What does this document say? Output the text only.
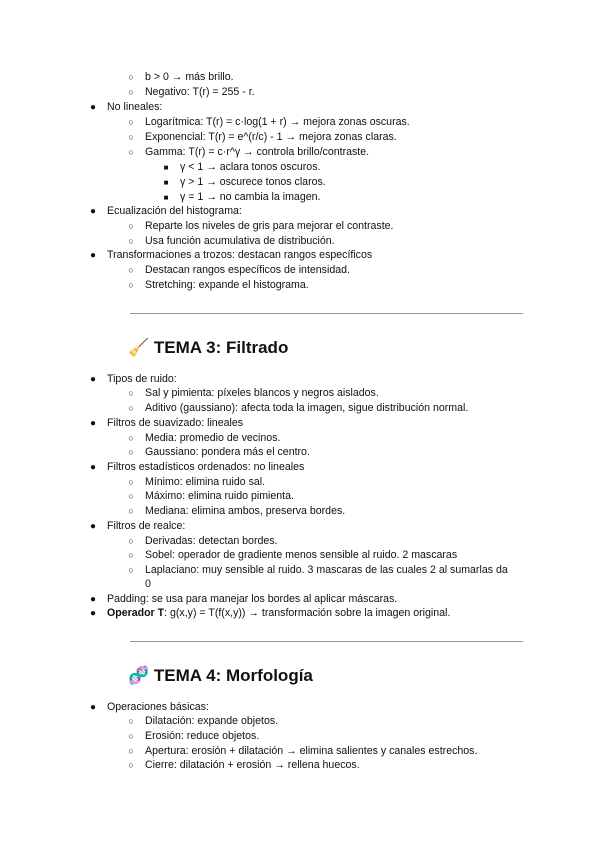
○ b > 0 → más brillo.
○ Negativo: T(r) = 255 - r.
● No lineales:
○ Logarítmica: T(r) = c·log(1 + r) → mejora zonas oscuras.
○ Exponencial: T(r) = e^(r/c) - 1 → mejora zonas claras.
○ Gamma: T(r) = c·r^γ → controla brillo/contraste.
■ γ < 1 → aclara tonos oscuros.
■ γ > 1 → oscurece tonos claros.
■ γ = 1 → no cambia la imagen.
● Ecualización del histograma:
○ Reparte los niveles de gris para mejorar el contraste.
○ Usa función acumulativa de distribución.
● Transformaciones a trozos: destacan rangos específicos
○ Destacan rangos específicos de intensidad.
○ Stretching: expande el histograma.
🧹 TEMA 3: Filtrado
● Tipos de ruido:
○ Sal y pimienta: píxeles blancos y negros aislados.
○ Aditivo (gaussiano): afecta toda la imagen, sigue distribución normal.
● Filtros de suavizado: lineales
○ Media: promedio de vecinos.
○ Gaussiano: pondera más el centro.
● Filtros estadísticos ordenados: no lineales
○ Mínimo: elimina ruido sal.
○ Máximo: elimina ruido pimienta.
○ Mediana: elimina ambos, preserva bordes.
● Filtros de realce:
○ Derivadas: detectan bordes.
○ Sobel: operador de gradiente menos sensible al ruido. 2 mascaras
○ Laplaciano: muy sensible al ruido. 3 mascaras de las cuales 2 al sumarlas da
0
● Padding: se usa para manejar los bordes al aplicar máscaras.
● Operador T: g(x,y) = T(f(x,y)) → transformación sobre la imagen original.
🧬 TEMA 4: Morfología
● Operaciones básicas:
○ Dilatación: expande objetos.
○ Erosión: reduce objetos.
○ Apertura: erosión + dilatación → elimina salientes y canales estrechos.
○ Cierre: dilatación + erosión → rellena huecos.
